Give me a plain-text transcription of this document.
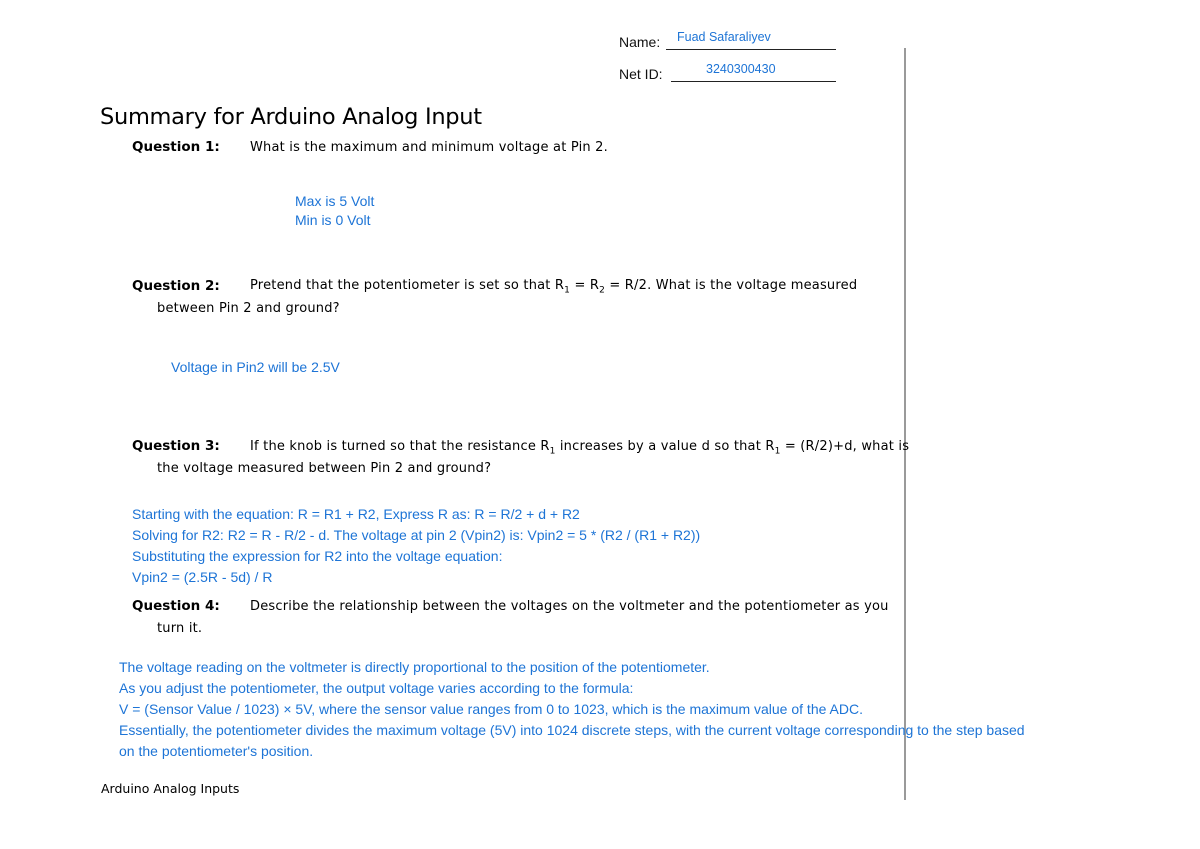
Name: Fuad Safaraliyev
Net ID:	3240300430
Summary for Arduino Analog Input
Question 1: What is the maximum and minimum voltage at Pin 2.
Max is 5 Volt
Min is 0 Volt
Question 2: Pretend that the potentiometer is set so that $R_1 = R_2 = R/2$. What is the voltage measured
between Pin 2 and ground?
Voltage in Pin2 will be 2.5V
Question 3: If the knob is turned so that the resistance $R_1$ increases by a value d so that $R_1 = (R/2)+d$, what is
the voltage measured between Pin 2 and ground?
Starting with the equation: R = R1 + R2, Express R as: R = R/2 + d + R2
Solving for R2: R2 = R - R/2 - d. The voltage at pin 2 (Vpin2) is: Vpin2 = 5 * (R2 / (R1 + R2))
Substituting the expression for R2 into the voltage equation:
Vpin2 = (2.5R - 5d) / R
Question 4: Describe the relationship between the voltages on the voltmeter and the potentiometer as you
turn it.
The voltage reading on the voltmeter is directly proportional to the position of the potentiometer.
As you adjust the potentiometer, the output voltage varies according to the formula:
V = (Sensor Value / 1023) × 5V, where the sensor value ranges from 0 to 1023, which is the maximum value of the ADC.
Essentially, the potentiometer divides the maximum voltage (5V) into 1024 discrete steps, with the current voltage corresponding to the step based
on the potentiometer's position.
Arduino Analog Inputs
